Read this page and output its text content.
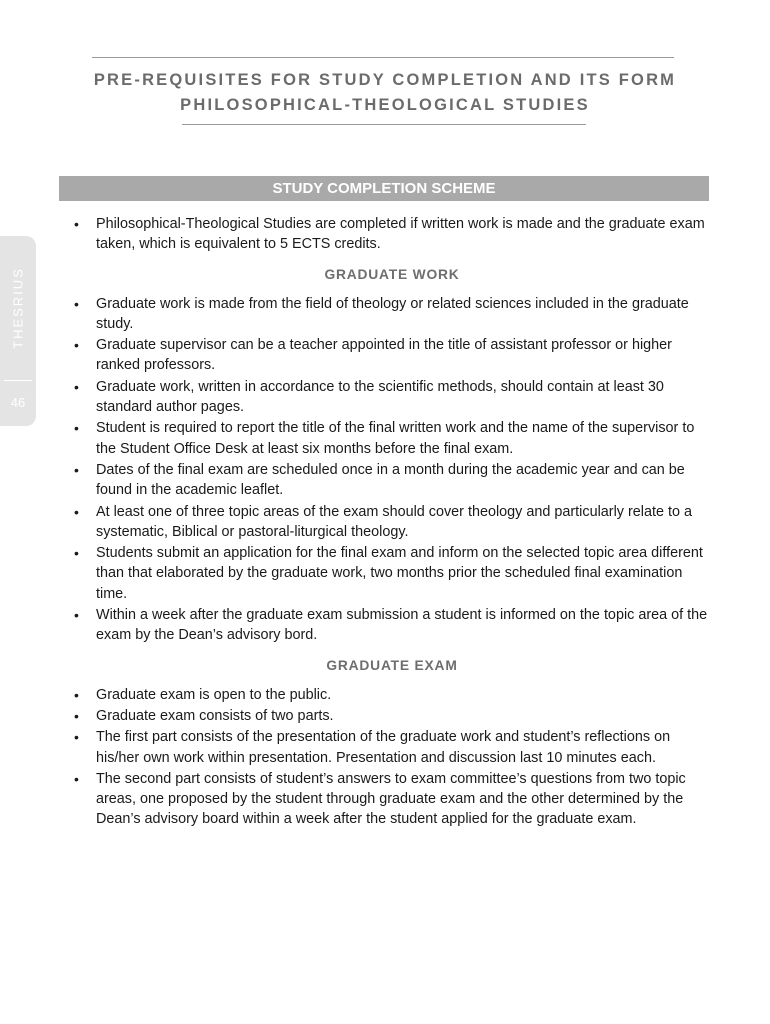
PRE-REQUISITES FOR STUDY COMPLETION AND ITS FORM
PHILOSOPHICAL-THEOLOGICAL STUDIES
THESRIUS
46
STUDY COMPLETION SCHEME
• Philosophical-Theological Studies are completed if written work is made and the graduate exam taken, which is equivalent to 5 ECTS credits.
GRADUATE WORK
• Graduate work is made from the field of theology or related sciences included in the graduate study.
• Graduate supervisor can be a teacher appointed in the title of assistant professor or higher ranked professors.
• Graduate work, written in accordance to the scientific methods, should contain at least 30 standard author pages.
• Student is required to report the title of the final written work and the name of the supervisor to the Student Office Desk at least six months before the final exam.
• Dates of the final exam are scheduled once in a month during the academic year and can be found in the academic leaflet.
• At least one of three topic areas of the exam should cover theology and particularly relate to a systematic, Biblical or pastoral-liturgical theology.
• Students submit an application for the final exam and inform on the selected topic area different than that elaborated by the graduate work, two months prior the scheduled final examination time.
• Within a week after the graduate exam submission a student is informed on the topic area of the exam by the Dean’s advisory bord.
GRADUATE EXAM
• Graduate exam is open to the public.
• Graduate exam consists of two parts.
• The first part consists of the presentation of the graduate work and student’s reflections on his/her own work within presentation. Presentation and discussion last 10 minutes each.
• The second part consists of student’s answers to exam committee’s questions from two topic areas, one proposed by the student through graduate exam and the other determined by the Dean’s advisory board within a week after the student applied for the graduate exam.
